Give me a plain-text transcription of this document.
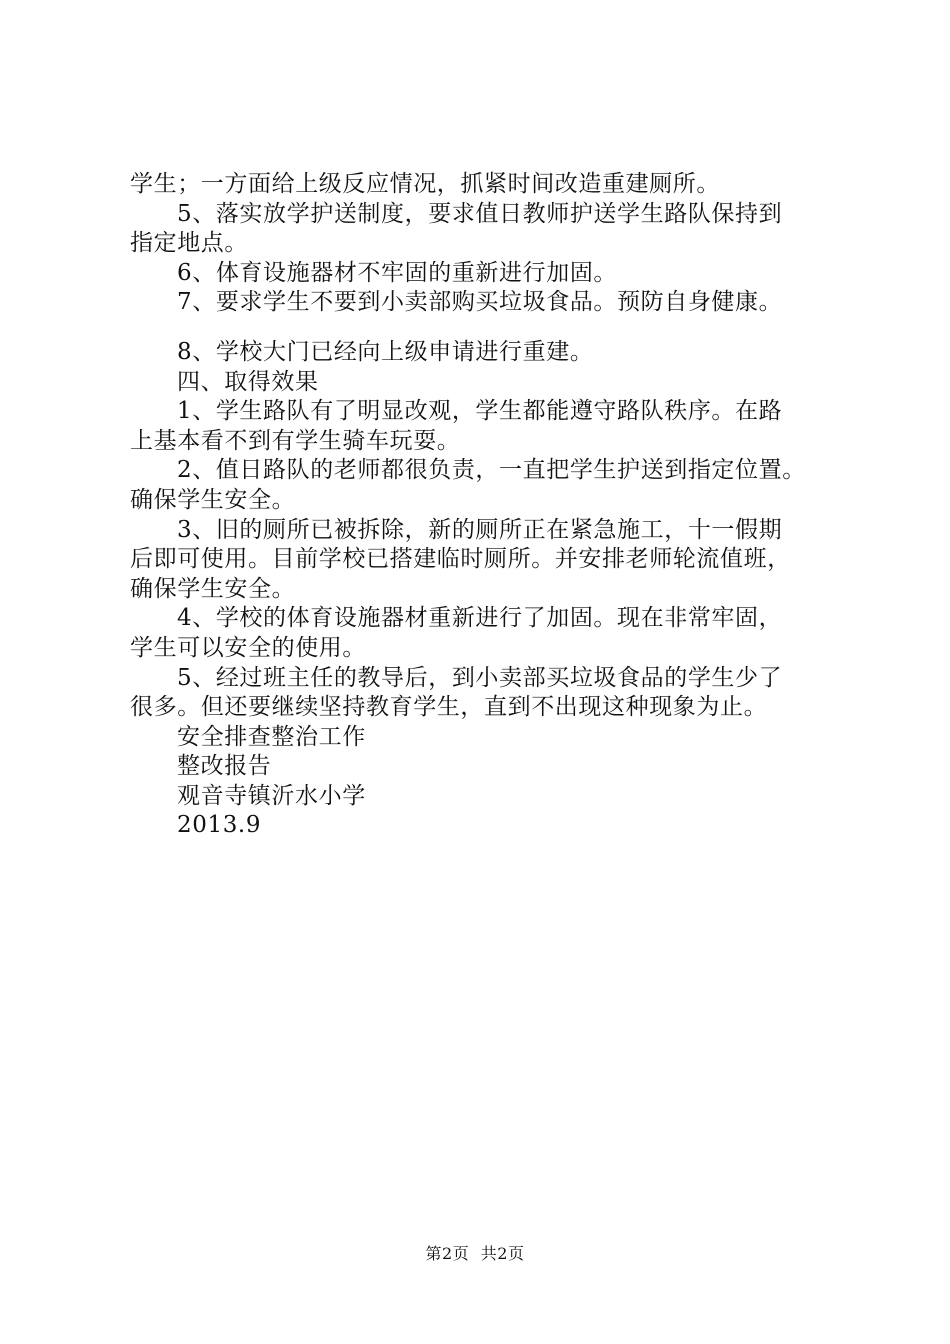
学生；一方面给上级反应情况，抓紧时间改造重建厕所。
5、落实放学护送制度，要求值日教师护送学生路队保持到
指定地点。
6、体育设施器材不牢固的重新进行加固。
7、要求学生不要到小卖部购买垃圾食品。预防自身健康。
8、学校大门已经向上级申请进行重建。
四、取得效果
1、学生路队有了明显改观，学生都能遵守路队秩序。在路
上基本看不到有学生骑车玩耍。
2、值日路队的老师都很负责，一直把学生护送到指定位置。
确保学生安全。
3、旧的厕所已被拆除，新的厕所正在紧急施工，十一假期
后即可使用。目前学校已搭建临时厕所。并安排老师轮流值班，
确保学生安全。
4、学校的体育设施器材重新进行了加固。现在非常牢固，
学生可以安全的使用。
5、经过班主任的教导后，到小卖部买垃圾食品的学生少了
很多。但还要继续坚持教育学生，直到不出现这种现象为止。
安全排查整治工作
整改报告
观音寺镇沂水小学
2013.9
第2页 共2页
